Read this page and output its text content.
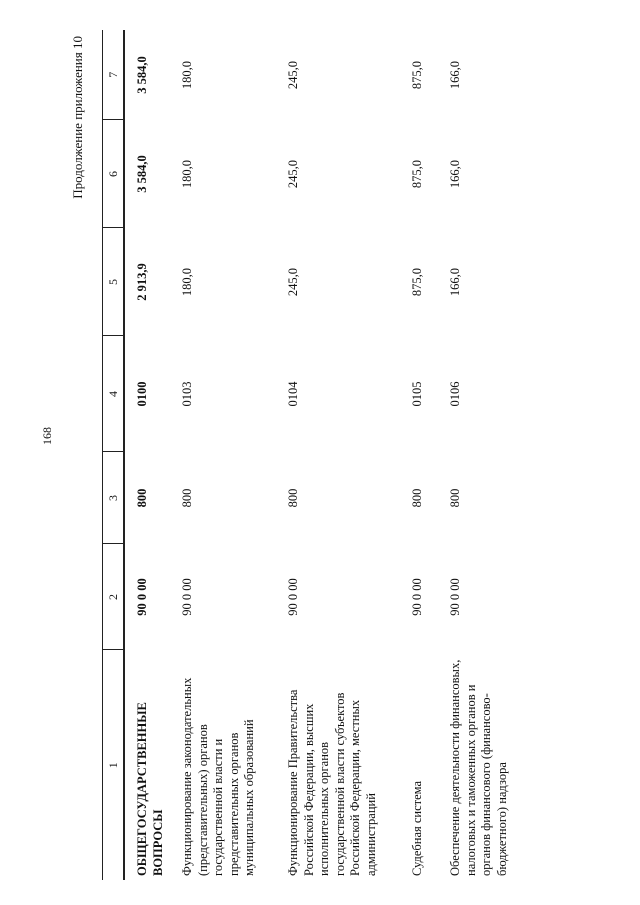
168
Продолжение приложения 10
1	2	3	4	5	6	7
ОБЩЕГОСУДАРСТВЕННЫЕ ВОПРОСЫ	90 0 00	800	0100	2 913,9	3 584,0	3 584,0
Функционирование законодательных (представительных) органов государственной власти и представительных органов муниципальных образований	90 0 00	800	0103	180,0	180,0	180,0
Функционирование Правительства Российской Федерации, высших исполнительных органов государственной власти субъектов Российской Федерации, местных администраций	90 0 00	800	0104	245,0	245,0	245,0
Судебная система	90 0 00	800	0105	875,0	875,0	875,0
Обеспечение деятельности финансовых, налоговых и таможенных органов и органов финансового (финансово-бюджетного) надзора	90 0 00	800	0106	166,0	166,0	166,0
